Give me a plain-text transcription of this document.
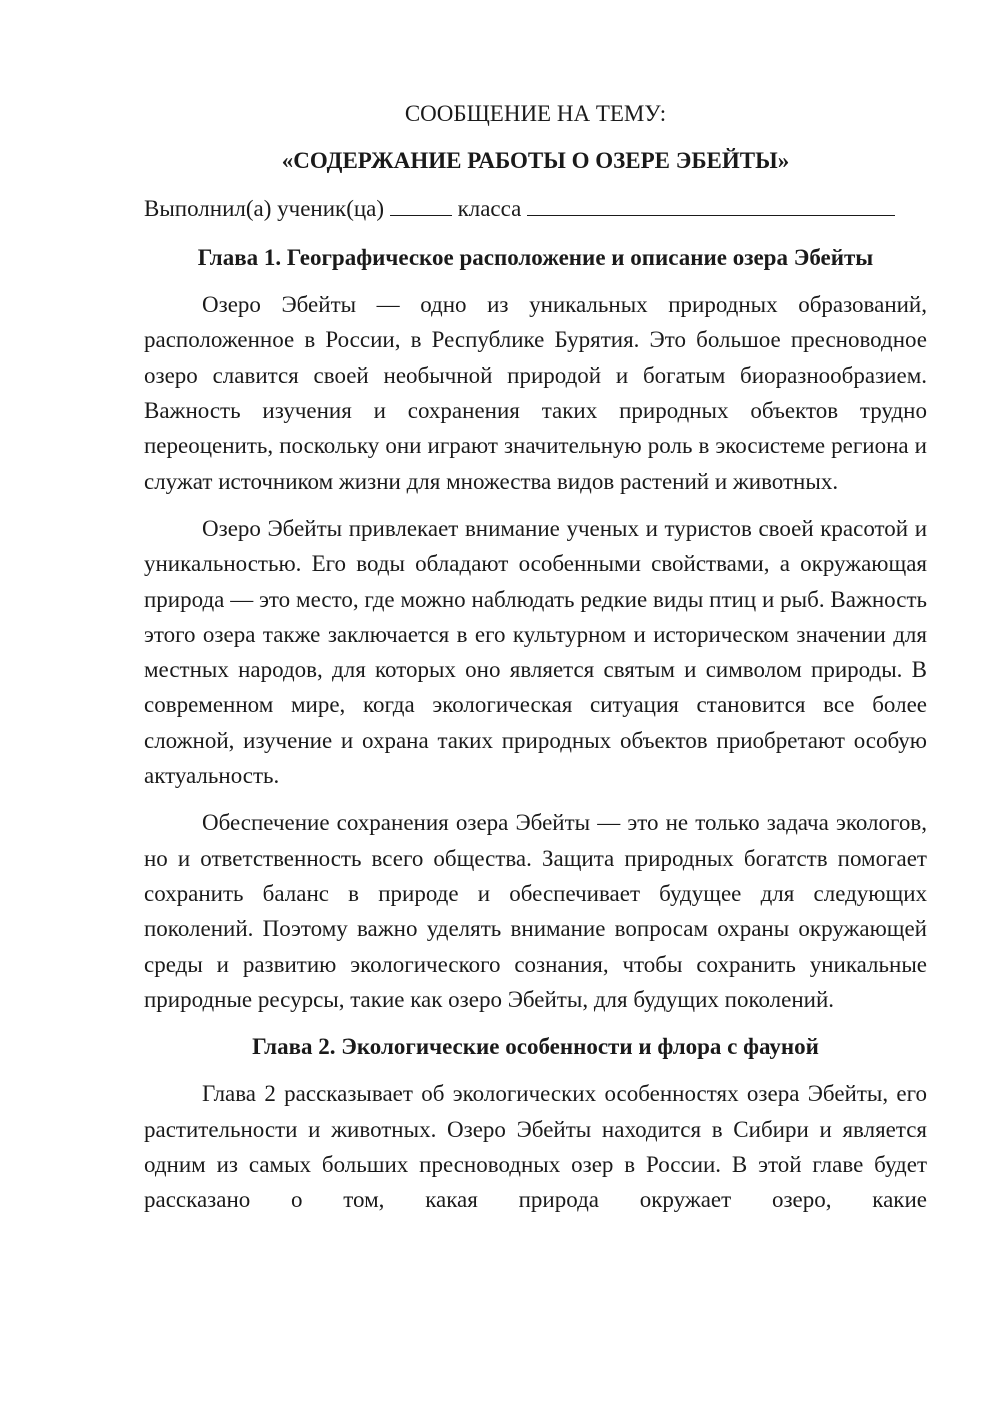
СООБЩЕНИЕ НА ТЕМУ:

«СОДЕРЖАНИЕ РАБОТЫ О ОЗЕРЕ ЭБЕЙТЫ»

Выполнил(а) ученик(ца)	класса

Глава 1. Географическое расположение и описание озера Эбейты

Озеро Эбейты — одно из уникальных природных образований, расположенное в России, в Республике Бурятия. Это большое пресноводное озеро славится своей необычной природой и богатым биоразнообразием. Важность изучения и сохранения таких природных объектов трудно переоценить, поскольку они играют значительную роль в экосистеме региона и служат источником жизни для множества видов растений и животных.

Озеро Эбейты привлекает внимание ученых и туристов своей красотой и уникальностью. Его воды обладают особенными свойствами, а окружающая природа — это место, где можно наблюдать редкие виды птиц и рыб. Важность этого озера также заключается в его культурном и историческом значении для местных народов, для которых оно является святым и символом природы. В современном мире, когда экологическая ситуация становится все более сложной, изучение и охрана таких природных объектов приобретают особую актуальность.

Обеспечение сохранения озера Эбейты — это не только задача экологов, но и ответственность всего общества. Защита природных богатств помогает сохранить баланс в природе и обеспечивает будущее для следующих поколений. Поэтому важно уделять внимание вопросам охраны окружающей среды и развитию экологического сознания, чтобы сохранить уникальные природные ресурсы, такие как озеро Эбейты, для будущих поколений.

Глава 2. Экологические особенности и флора с фауной

Глава 2 рассказывает об экологических особенностях озера Эбейты, его растительности и животных. Озеро Эбейты находится в Сибири и является одним из самых больших пресноводных озер в России. В этой главе будет рассказано о том, какая природа окружает озеро, какие
